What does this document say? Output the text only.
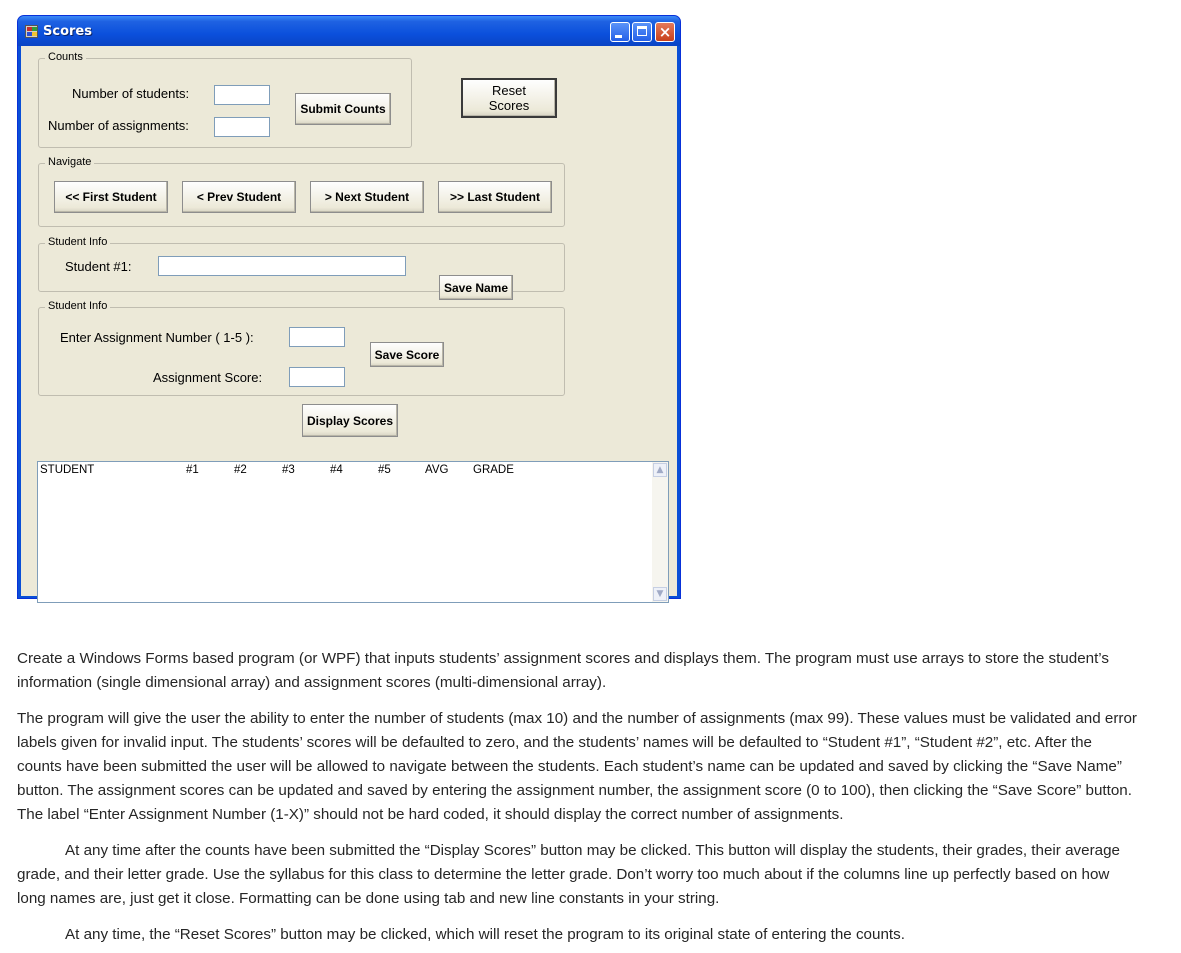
Scores	×
Counts
Number of students:
Number of assignments:
Submit Counts
Reset
Scores
Navigate
<< First Student	< Prev Student	> Next Student	>> Last Student
Student Info
Student #1:
Save Name
Student Info
Enter Assignment Number ( 1-5 ):
Assignment Score:
Save Score
Display Scores
STUDENT	#1	#2	#3	#4	#5	AVG GRADE	▲
▼

Create a Windows Forms based program (or WPF) that inputs students’ assignment scores and displays them. The program must use arrays to store the student’s information (single dimensional array) and assignment scores (multi-dimensional array).

The program will give the user the ability to enter the number of students (max 10) and the number of assignments (max 99). These values must be validated and error labels given for invalid input. The students’ scores will be defaulted to zero, and the students’ names will be defaulted to “Student #1”, “Student #2”, etc. After the counts have been submitted the user will be allowed to navigate between the students. Each student’s name can be updated and saved by clicking the “Save Name” button. The assignment scores can be updated and saved by entering the assignment number, the assignment score (0 to 100), then clicking the “Save Score” button. The label “Enter Assignment Number (1-X)” should not be hard coded, it should display the correct number of assignments.

At any time after the counts have been submitted the “Display Scores” button may be clicked. This button will display the students, their grades, their average grade, and their letter grade. Use the syllabus for this class to determine the letter grade. Don’t worry too much about if the columns line up perfectly based on how long names are, just get it close. Formatting can be done using tab and new line constants in your string.

At any time, the “Reset Scores” button may be clicked, which will reset the program to its original state of entering the counts.
